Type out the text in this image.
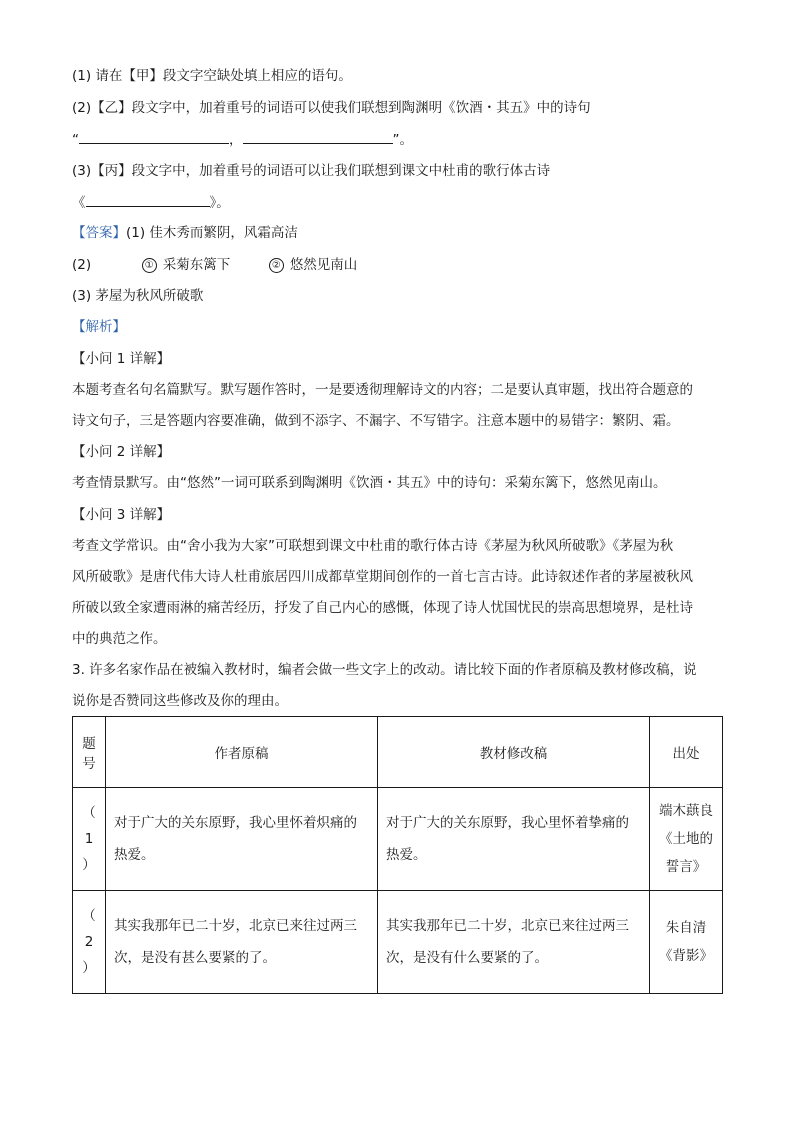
(1) 请在【甲】段文字空缺处填上相应的语句。
(2)【乙】段文字中，加着重号的词语可以使我们联想到陶渊明《饮酒・其五》中的诗句
“	，	”。
(3)【丙】段文字中，加着重号的词语可以让我们联想到课文中杜甫的歌行体古诗
《	》。
【答案】(1) 佳木秀而繁阴，风霜高洁
(2)	① 采菊东篱下	② 悠然见南山
(3) 茅屋为秋风所破歌
【解析】
【小问 1 详解】
本题考查名句名篇默写。默写题作答时，一是要透彻理解诗文的内容；二是要认真审题，找出符合题意的
诗文句子，三是答题内容要准确，做到不添字、不漏字、不写错字。注意本题中的易错字：繁阴、霜。
【小问 2 详解】
考查情景默写。由“悠然”一词可联系到陶渊明《饮酒・其五》中的诗句：采菊东篱下，悠然见南山。
【小问 3 详解】
考查文学常识。由“舍小我为大家”可联想到课文中杜甫的歌行体古诗《茅屋为秋风所破歌》《茅屋为秋
风所破歌》是唐代伟大诗人杜甫旅居四川成都草堂期间创作的一首七言古诗。此诗叙述作者的茅屋被秋风
所破以致全家遭雨淋的痛苦经历，抒发了自己内心的感慨，体现了诗人忧国忧民的崇高思想境界，是杜诗
中的典范之作。
3. 许多名家作品在被编入教材时，编者会做一些文字上的改动。请比较下面的作者原稿及教材修改稿，说
说你是否赞同这些修改及你的理由。
题
号	作者原稿	教材修改稿	出处

（
1
）	对于广大的关东原野，我心里怀着炽痛的
热爱。	对于广大的关东原野，我心里怀着挚痛的
热爱。	端木蕻良
《土地的
誓言》

（
2
）	其实我那年已二十岁，北京已来往过两三
次，是没有甚么要紧的了。	其实我那年已二十岁，北京已来往过两三
次，是没有什么要紧的了。	朱自清
《背影》
